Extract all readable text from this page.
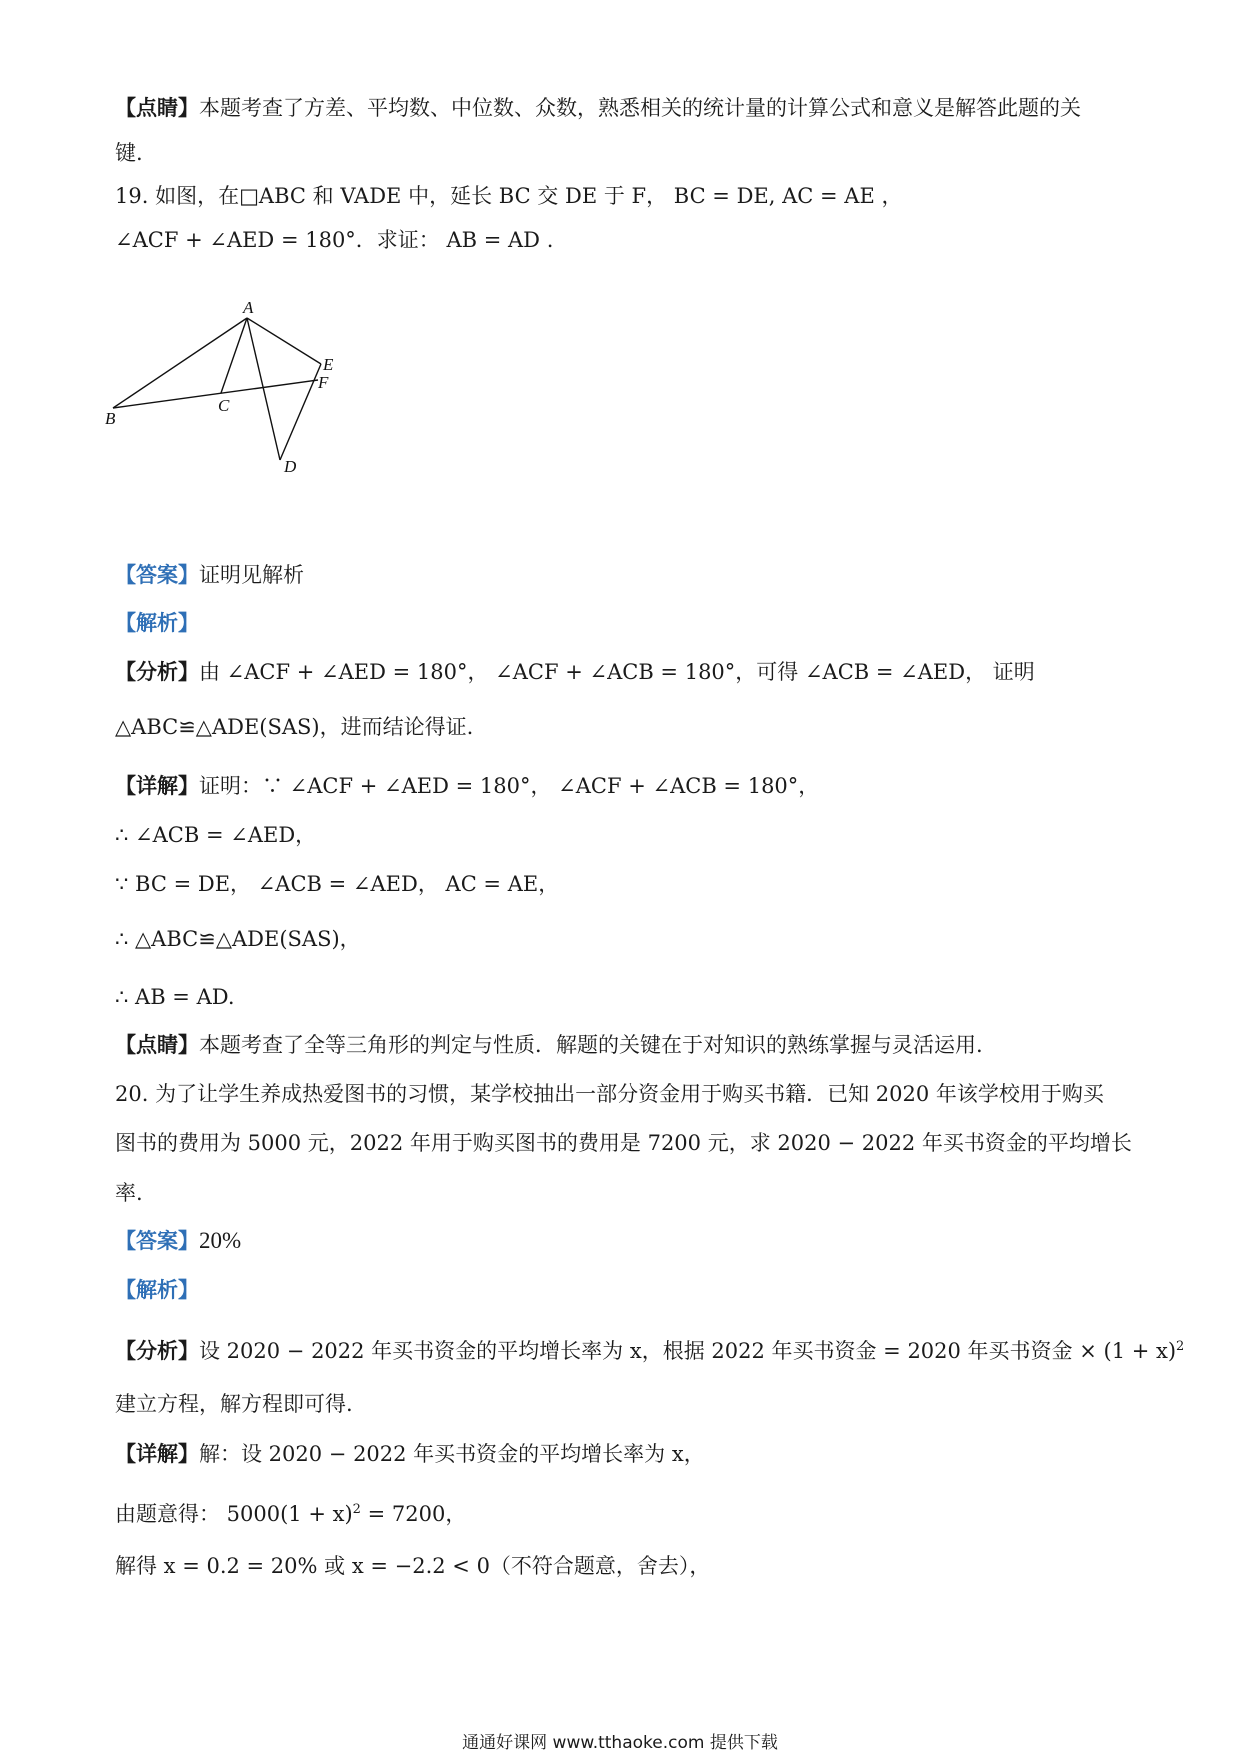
【点睛】本题考查了方差、平均数、中位数、众数，熟悉相关的统计量的计算公式和意义是解答此题的关
键.
19. 如图，在□ABC 和 VADE 中，延长 BC 交 DE 于 F， BC = DE, AC = AE ，
∠ACF + ∠AED = 180°．求证： AB = AD .
A
B
C
D
E
F
【答案】证明见解析
【解析】
【分析】由 ∠ACF + ∠AED = 180°， ∠ACF + ∠ACB = 180°，可得 ∠ACB = ∠AED， 证明
△ABC≌△ADE(SAS)，进而结论得证.
【详解】证明：∵ ∠ACF + ∠AED = 180°， ∠ACF + ∠ACB = 180°，
∴ ∠ACB = ∠AED，
∵ BC = DE， ∠ACB = ∠AED， AC = AE，
∴ △ABC≌△ADE(SAS)，
∴ AB = AD.
【点睛】本题考查了全等三角形的判定与性质．解题的关键在于对知识的熟练掌握与灵活运用.
20. 为了让学生养成热爱图书的习惯，某学校抽出一部分资金用于购买书籍．已知 2020 年该学校用于购买
图书的费用为 5000 元，2022 年用于购买图书的费用是 7200 元，求 2020 − 2022 年买书资金的平均增长
率.
【答案】20%
【解析】
【分析】设 2020 − 2022 年买书资金的平均增长率为 x，根据 2022 年买书资金 = 2020 年买书资金 × $(1 + x)^2$
建立方程，解方程即可得.
【详解】解：设 2020 − 2022 年买书资金的平均增长率为 x，
由题意得： $5000(1 + x)^2 = 7200$，
解得 x = 0.2 = 20% 或 x = −2.2 < 0（不符合题意，舍去），
通通好课网 www.tthaoke.com 提供下载
